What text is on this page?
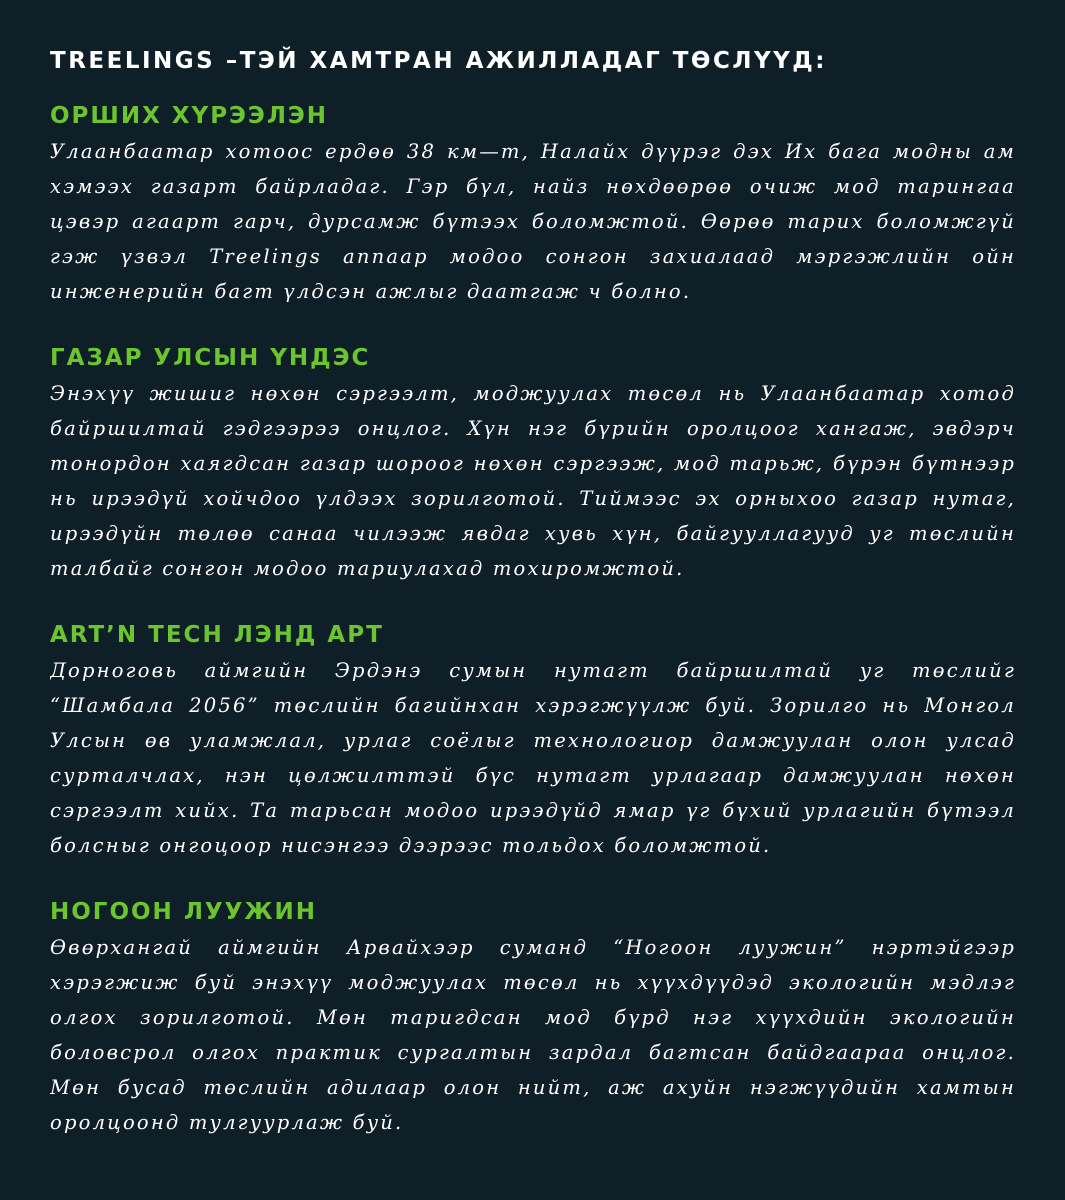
TREELINGS –ТЭЙ ХАМТРАН АЖИЛЛАДАГ ТӨСЛҮҮД:
ОРШИХ ХҮРЭЭЛЭН

Улаанбаатар хотоос ердөө 38 км—т, Налайх дүүрэг дэх Их бага модны ам
хэмээх газарт байрладаг. Гэр бүл, найз нөхдөөрөө очиж мод тарингаа
цэвэр агаарт гарч, дурсамж бүтээх боломжтой. Өөрөө тарих боломжгүй
гэж үзвэл Treelings аппаар модоо сонгон захиалаад мэргэжлийн ойн
инженерийн багт үлдсэн ажлыг даатгаж ч болно.

ГАЗАР УЛСЫН ҮНДЭС

Энэхүү жишиг нөхөн сэргээлт, моджуулах төсөл нь Улаанбаатар хотод
байршилтай гэдгээрээ онцлог. Хүн нэг бүрийн оролцоог хангаж, эвдэрч
тонордон хаягдсан газар шороог нөхөн сэргээж, мод тарьж, бүрэн бүтнээр
нь ирээдүй хойчдоо үлдээх зорилготой. Тиймээс эх орныхоо газар нутаг,
ирээдүйн төлөө санаа чилээж явдаг хувь хүн, байгууллагууд уг төслийн
талбайг сонгон модоо тариулахад тохиромжтой.

ART’N TECH ЛЭНД АРТ

Дорноговь аймгийн Эрдэнэ сумын нутагт байршилтай уг төслийг
“Шамбала 2056” төслийн багийнхан хэрэгжүүлж буй. Зорилго нь Монгол
Улсын өв уламжлал, урлаг соёлыг технологиор дамжуулан олон улсад
сурталчлах, нэн цөлжилттэй бүс нутагт урлагаар дамжуулан нөхөн
сэргээлт хийх. Та тарьсан модоо ирээдүйд ямар үг бүхий урлагийн бүтээл
болсныг онгоцоор нисэнгээ дээрээс тольдох боломжтой.

НОГООН ЛУУЖИН

Өвөрхангай аймгийн Арвайхээр суманд “Ногоон луужин” нэртэйгээр
хэрэгжиж буй энэхүү моджуулах төсөл нь хүүхдүүдэд экологийн мэдлэг
олгох зорилготой. Мөн таригдсан мод бүрд нэг хүүхдийн экологийн
боловсрол олгох практик сургалтын зардал багтсан байдгаараа онцлог.
Мөн бусад төслийн адилаар олон нийт, аж ахуйн нэгжүүдийн хамтын
оролцоонд тулгуурлаж буй.
